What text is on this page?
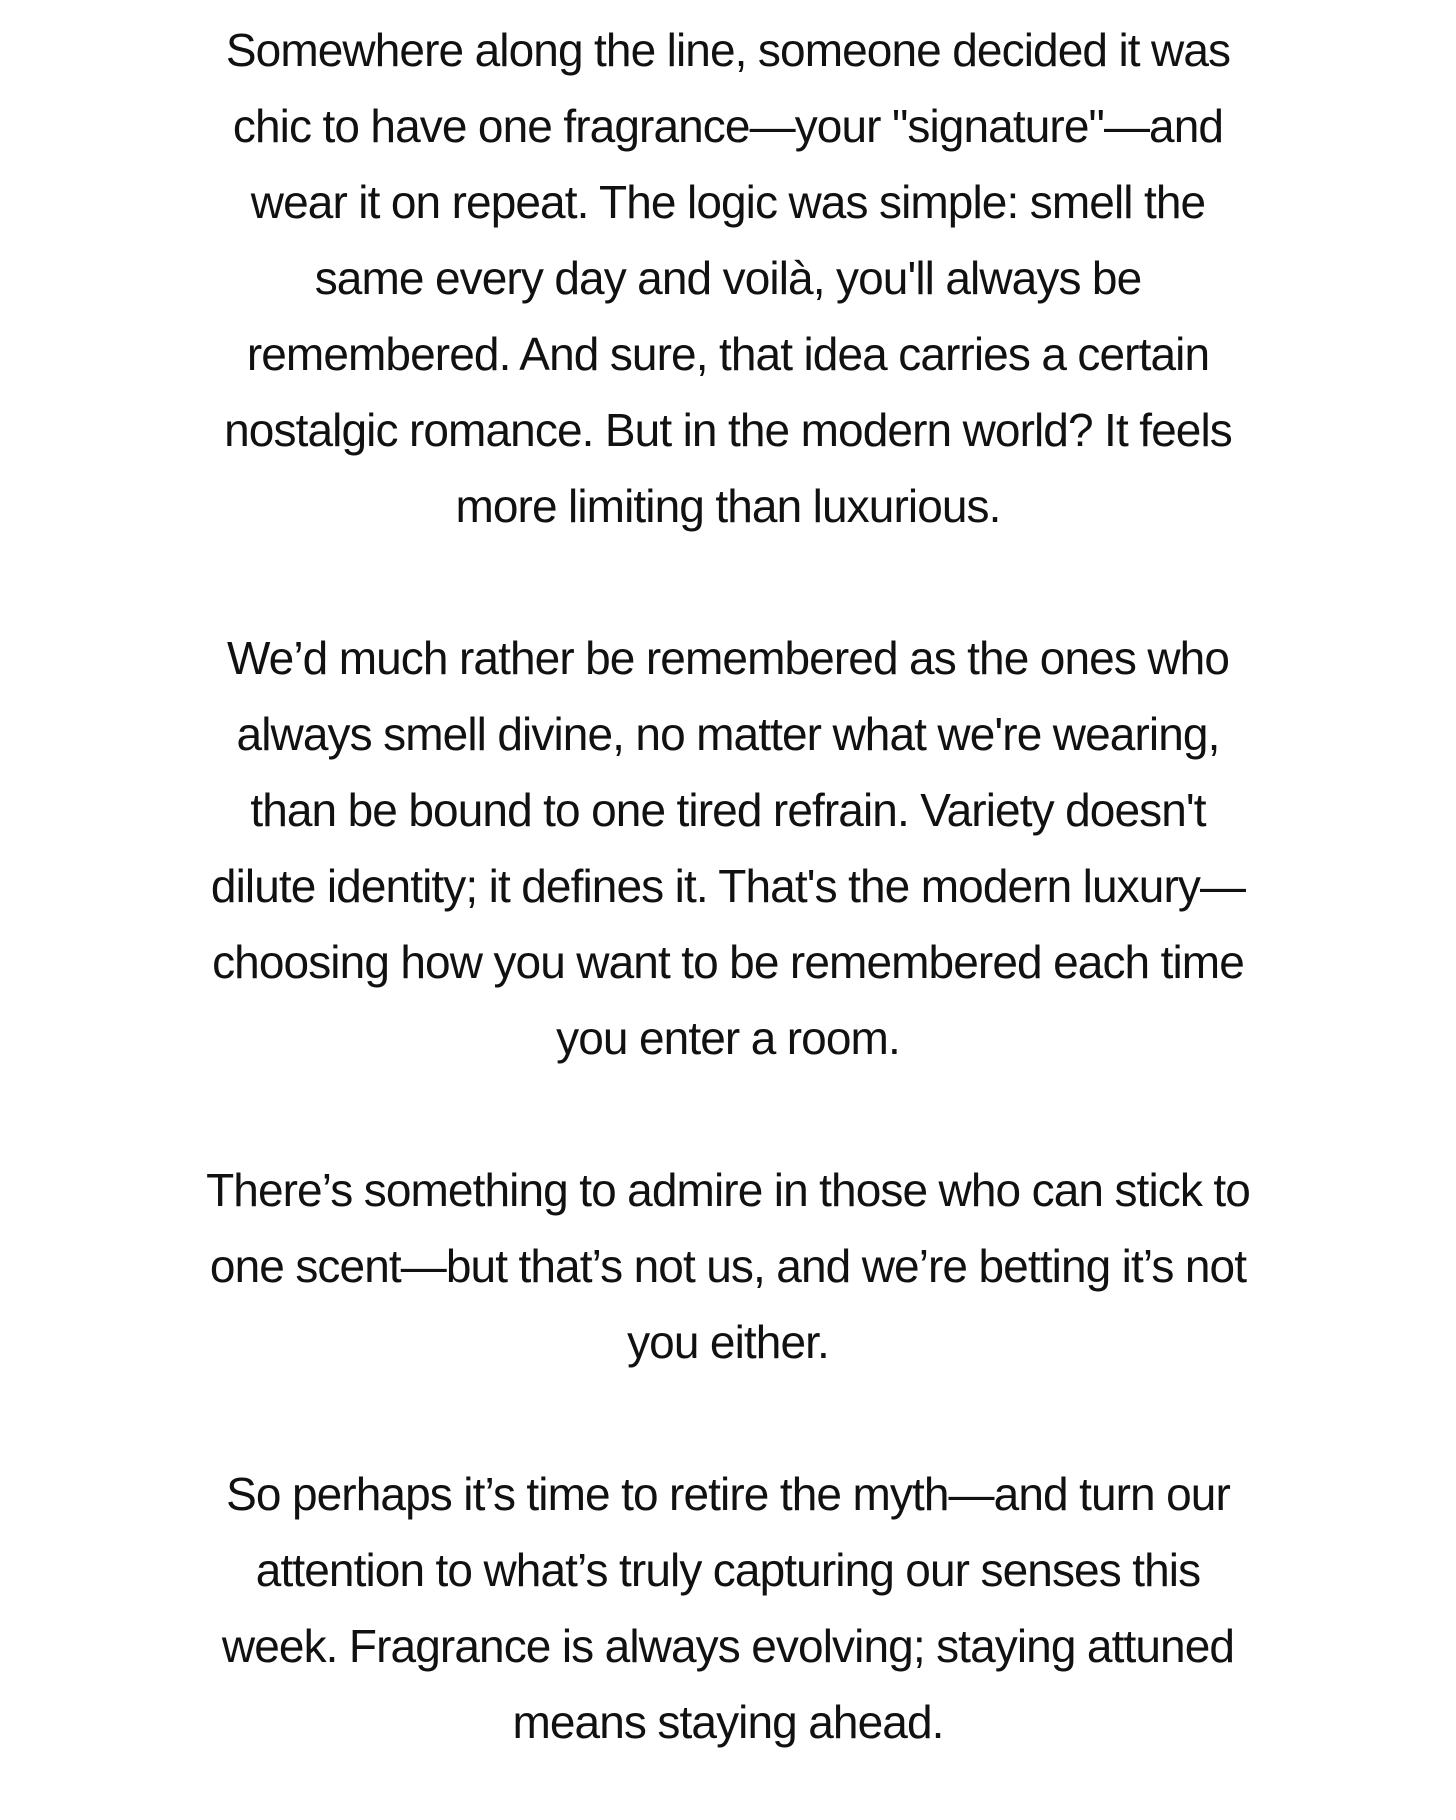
Somewhere along the line, someone decided it was chic to have one fragrance—your "signature"—and wear it on repeat. The logic was simple: smell the same every day and voilà, you'll always be remembered. And sure, that idea carries a certain nostalgic romance. But in the modern world? It feels more limiting than luxurious.

We’d much rather be remembered as the ones who always smell divine, no matter what we're wearing, than be bound to one tired refrain. Variety doesn't dilute identity; it defines it. That's the modern luxury—choosing how you want to be remembered each time you enter a room.

There’s something to admire in those who can stick to one scent—but that’s not us, and we’re betting it’s not you either.

So perhaps it’s time to retire the myth—and turn our attention to what’s truly capturing our senses this week. Fragrance is always evolving; staying attuned means staying ahead.
